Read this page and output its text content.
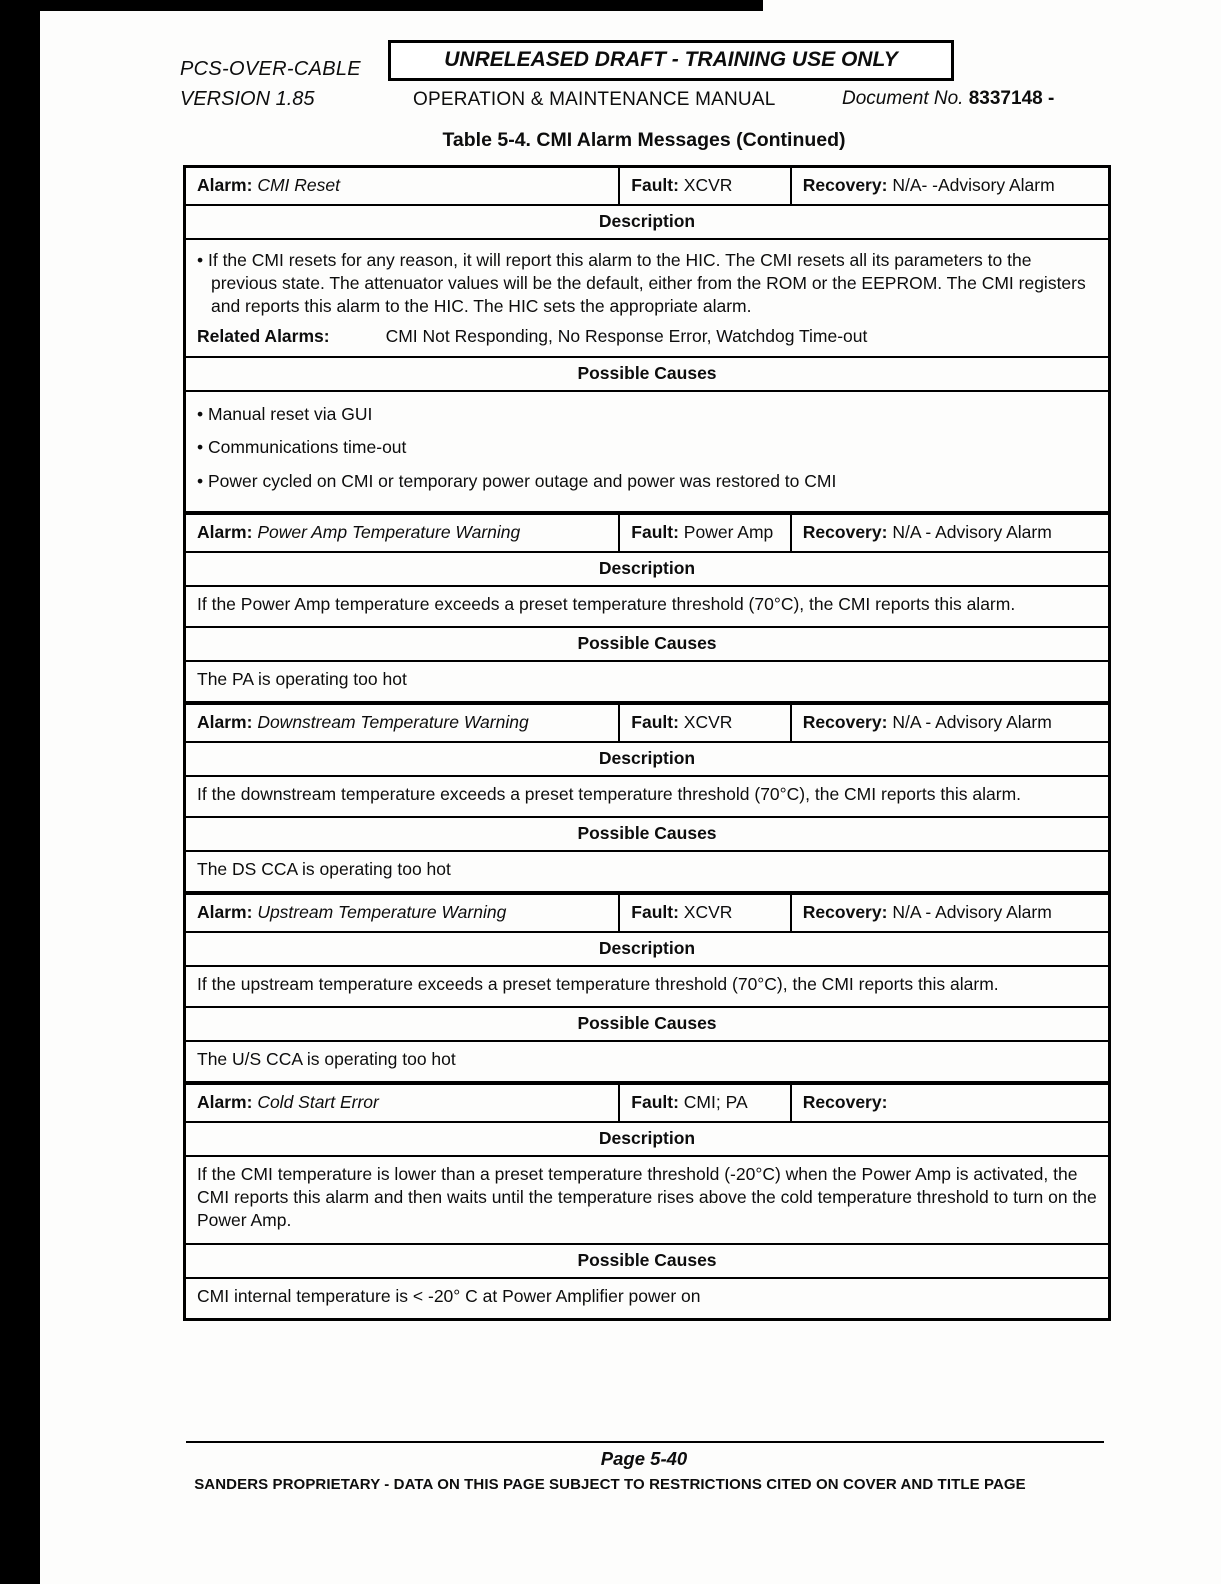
PCS-OVER-CABLE	UNRELEASED DRAFT - TRAINING USE ONLY
VERSION 1.85	OPERATION & MAINTENANCE MANUAL	Document No. 8337148 -
Table 5-4. CMI Alarm Messages (Continued)
Alarm: CMI Reset	Fault: XCVR	Recovery: N/A- -Advisory Alarm
Description
• If the CMI resets for any reason, it will report this alarm to the HIC. The CMI resets all its parameters to the previous state. The attenuator values will be the default, either from the ROM or the EEPROM. The CMI registers and reports this alarm to the HIC. The HIC sets the appropriate alarm.
Related Alarms:	CMI Not Responding, No Response Error, Watchdog Time-out
Possible Causes
• Manual reset via GUI
• Communications time-out
• Power cycled on CMI or temporary power outage and power was restored to CMI
Alarm: Power Amp Temperature Warning	Fault: Power Amp	Recovery: N/A - Advisory Alarm
Description
If the Power Amp temperature exceeds a preset temperature threshold (70°C), the CMI reports this alarm.
Possible Causes
The PA is operating too hot
Alarm: Downstream Temperature Warning	Fault: XCVR	Recovery: N/A - Advisory Alarm
Description
If the downstream temperature exceeds a preset temperature threshold (70°C), the CMI reports this alarm.
Possible Causes
The DS CCA is operating too hot
Alarm: Upstream Temperature Warning	Fault: XCVR	Recovery: N/A - Advisory Alarm
Description
If the upstream temperature exceeds a preset temperature threshold (70°C), the CMI reports this alarm.
Possible Causes
The U/S CCA is operating too hot
Alarm: Cold Start Error	Fault: CMI; PA	Recovery:
Description
If the CMI temperature is lower than a preset temperature threshold (-20°C) when the Power Amp is activated, the CMI reports this alarm and then waits until the temperature rises above the cold temperature threshold to turn on the Power Amp.
Possible Causes
CMI internal temperature is < -20° C at Power Amplifier power on
Page 5-40
SANDERS PROPRIETARY - DATA ON THIS PAGE SUBJECT TO RESTRICTIONS CITED ON COVER AND TITLE PAGE
